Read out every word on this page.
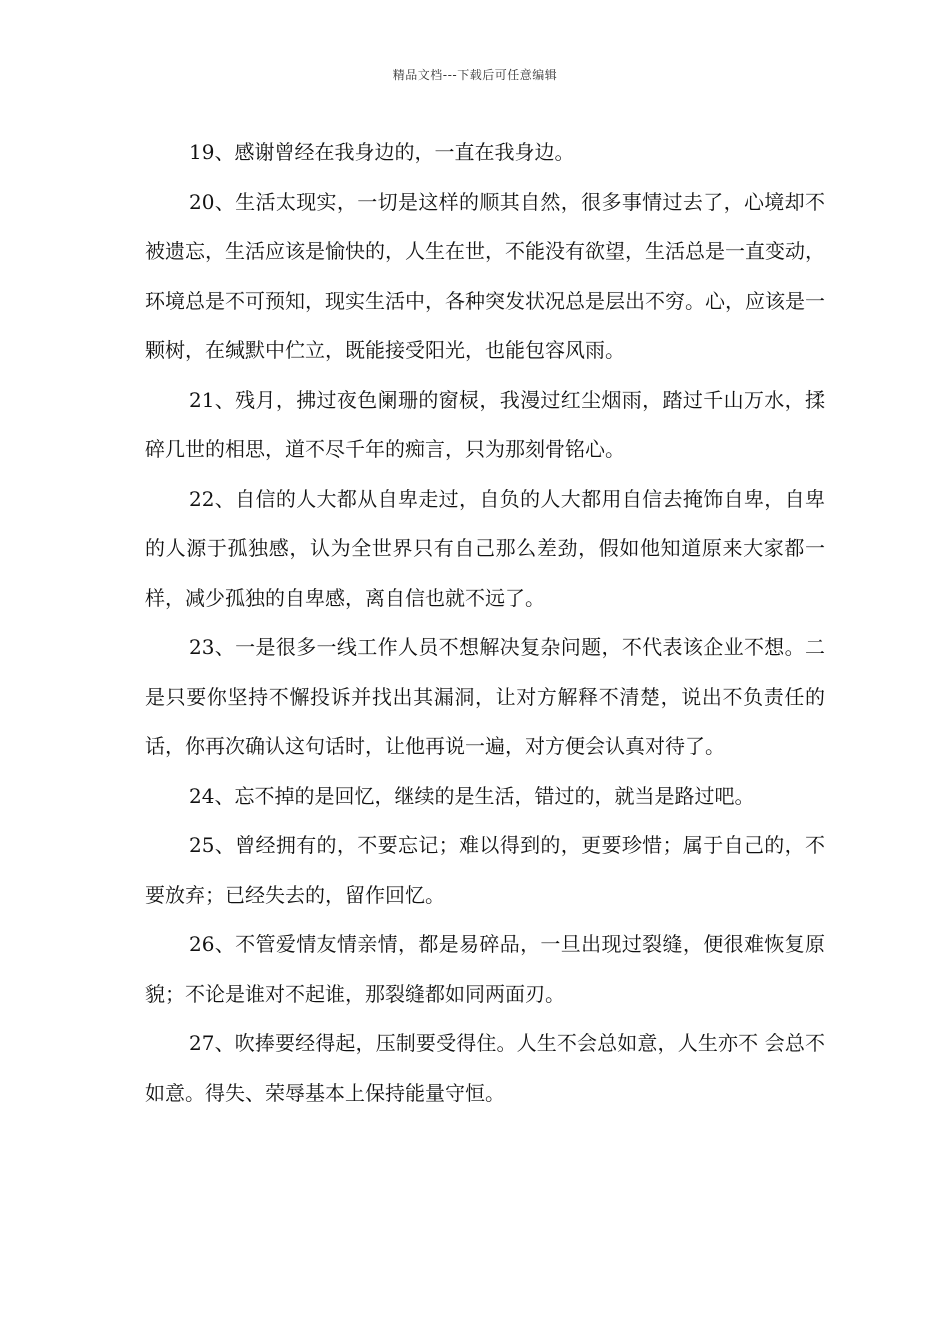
精品文档---下载后可任意编辑

19、感谢曾经在我身边的，一直在我身边。

20、生活太现实，一切是这样的顺其自然，很多事情过去了，心境却不被遗忘，生活应该是愉快的，人生在世，不能没有欲望，生活总是一直变动，环境总是不可预知，现实生活中，各种突发状况总是层出不穷。心，应该是一颗树，在缄默中伫立，既能接受阳光，也能包容风雨。

21、残月，拂过夜色阑珊的窗棂，我漫过红尘烟雨，踏过千山万水，揉碎几世的相思，道不尽千年的痴言，只为那刻骨铭心。

22、自信的人大都从自卑走过，自负的人大都用自信去掩饰自卑，自卑的人源于孤独感，认为全世界只有自己那么差劲，假如他知道原来大家都一样，减少孤独的自卑感，离自信也就不远了。

23、一是很多一线工作人员不想解决复杂问题，不代表该企业不想。二是只要你坚持不懈投诉并找出其漏洞，让对方解释不清楚，说出不负责任的话，你再次确认这句话时，让他再说一遍，对方便会认真对待了。

24、忘不掉的是回忆，继续的是生活，错过的，就当是路过吧。

25、曾经拥有的，不要忘记；难以得到的，更要珍惜；属于自己的，不要放弃；已经失去的，留作回忆。

26、不管爱情友情亲情，都是易碎品，一旦出现过裂缝，便很难恢复原貌；不论是谁对不起谁，那裂缝都如同两面刃。

27、吹捧要经得起，压制要受得住。人生不会总如意，人生亦不 会总不如意。得失、荣辱基本上保持能量守恒。
